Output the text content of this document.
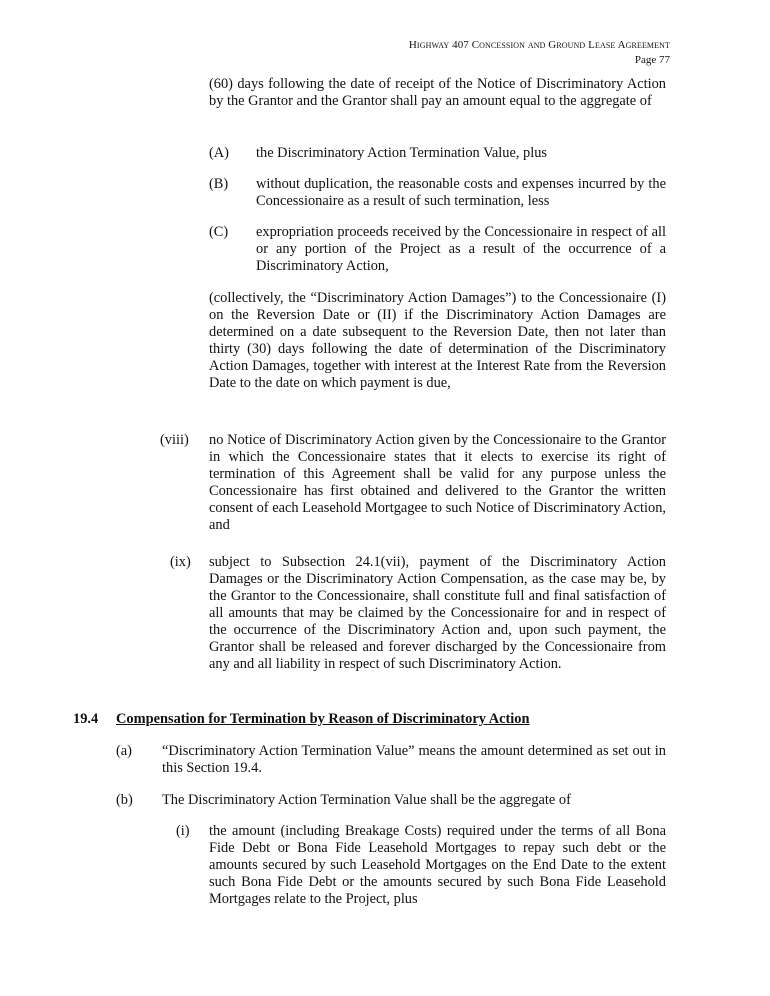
Highway 407 Concession and Ground Lease Agreement
Page 77
(60) days following the date of receipt of the Notice of Discriminatory Action by the Grantor and the Grantor shall pay an amount equal to the aggregate of
(A) the Discriminatory Action Termination Value, plus
(B) without duplication, the reasonable costs and expenses incurred by the Concessionaire as a result of such termination, less
(C) expropriation proceeds received by the Concessionaire in respect of all or any portion of the Project as a result of the occurrence of a Discriminatory Action,
(collectively, the “Discriminatory Action Damages”) to the Concessionaire (I) on the Reversion Date or (II) if the Discriminatory Action Damages are determined on a date subsequent to the Reversion Date, then not later than thirty (30) days following the date of determination of the Discriminatory Action Damages, together with interest at the Interest Rate from the Reversion Date to the date on which payment is due,
(viii) no Notice of Discriminatory Action given by the Concessionaire to the Grantor in which the Concessionaire states that it elects to exercise its right of termination of this Agreement shall be valid for any purpose unless the Concessionaire has first obtained and delivered to the Grantor the written consent of each Leasehold Mortgagee to such Notice of Discriminatory Action, and
(ix) subject to Subsection 24.1(vii), payment of the Discriminatory Action Damages or the Discriminatory Action Compensation, as the case may be, by the Grantor to the Concessionaire, shall constitute full and final satisfaction of all amounts that may be claimed by the Concessionaire for and in respect of the occurrence of the Discriminatory Action and, upon such payment, the Grantor shall be released and forever discharged by the Concessionaire from any and all liability in respect of such Discriminatory Action.
19.4 Compensation for Termination by Reason of Discriminatory Action
(a) “Discriminatory Action Termination Value” means the amount determined as set out in this Section 19.4.
(b) The Discriminatory Action Termination Value shall be the aggregate of
(i) the amount (including Breakage Costs) required under the terms of all Bona Fide Debt or Bona Fide Leasehold Mortgages to repay such debt or the amounts secured by such Leasehold Mortgages on the End Date to the extent such Bona Fide Debt or the amounts secured by such Bona Fide Leasehold Mortgages relate to the Project, plus
